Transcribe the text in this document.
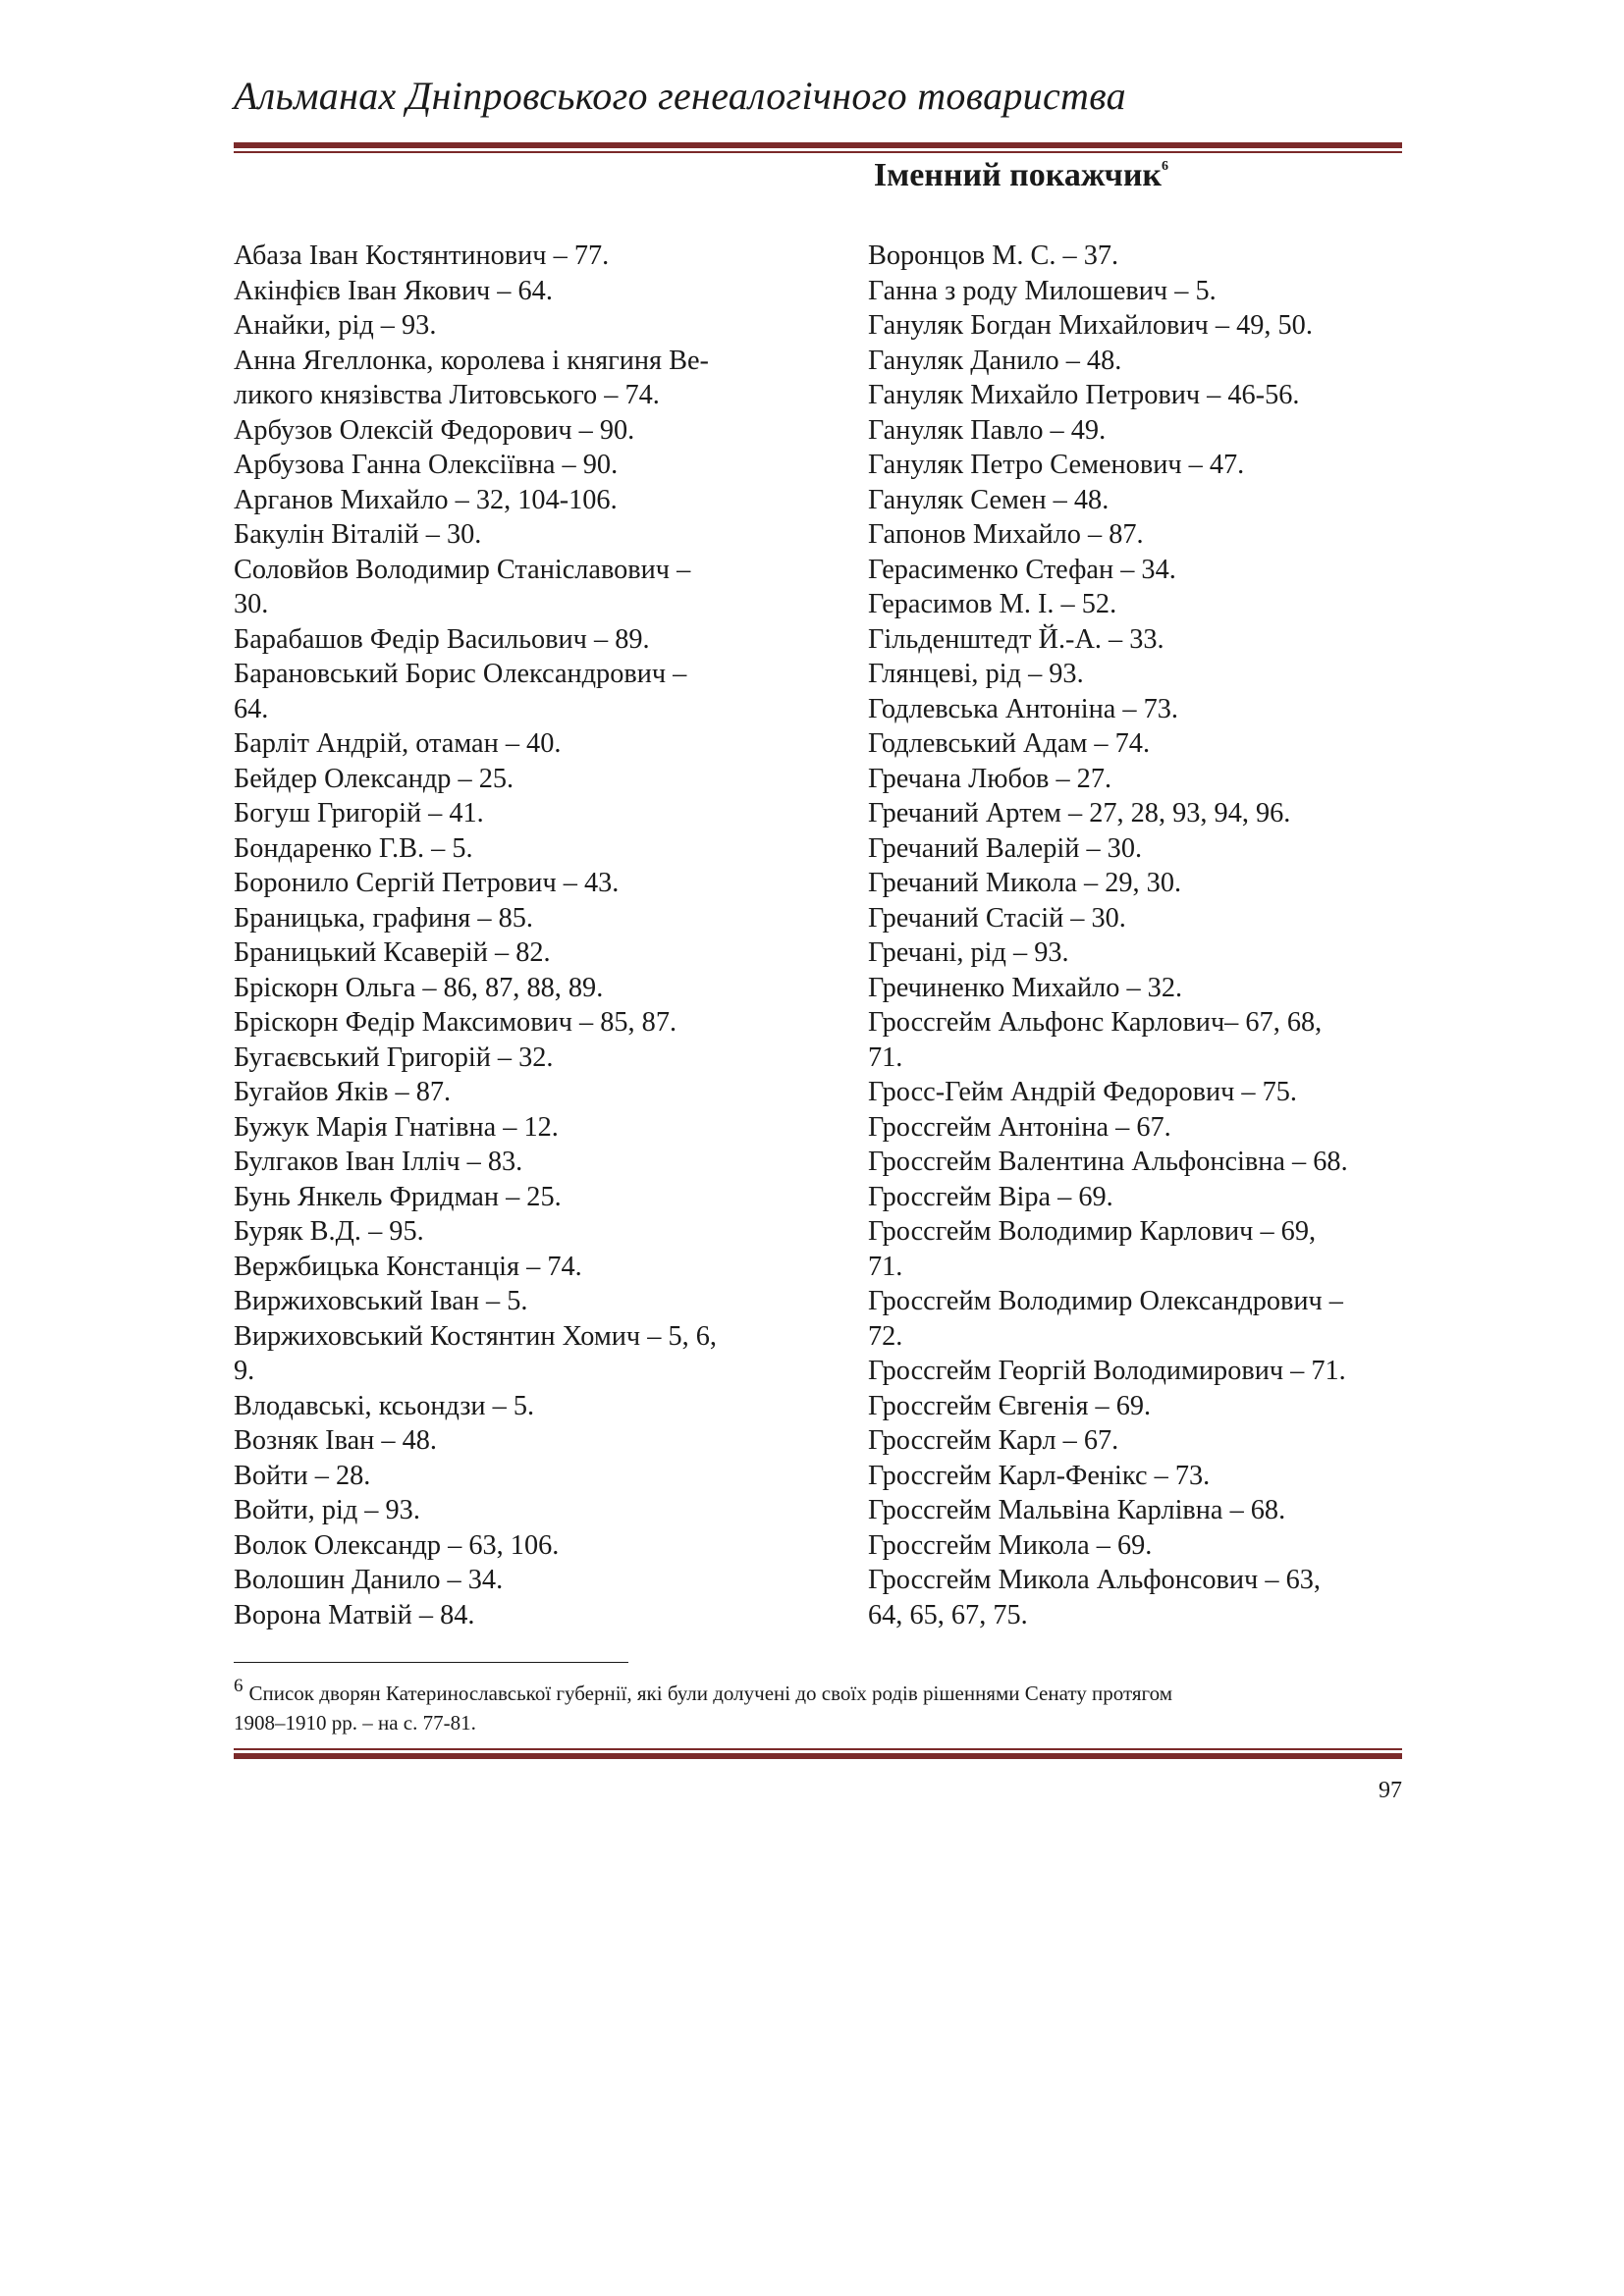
Альманах Дніпровського генеалогічного товариства
Іменний покажчик$^6$
Абаза Іван Костянтинович – 77.
Акінфієв Іван Якович – 64.
Анайки, рід – 93.
Анна Ягеллонка, королева і княгиня Ве-
ликого князівства Литовського – 74.
Арбузов Олексій Федорович – 90.
Арбузова Ганна Олексіївна – 90.
Арганов Михайло – 32, 104-106.
Бакулін Віталій – 30.
Соловйов Володимир Станіславович –
30.
Барабашов Федір Васильович – 89.
Барановський Борис Олександрович –
64.
Барліт Андрій, отаман – 40.
Бейдер Олександр – 25.
Богуш Григорій – 41.
Бондаренко Г.В. – 5.
Боронило Сергій Петрович – 43.
Браницька, графиня – 85.
Браницький Ксаверій – 82.
Бріскорн Ольга – 86, 87, 88, 89.
Бріскорн Федір Максимович – 85, 87.
Бугаєвський Григорій – 32.
Бугайов Яків – 87.
Бужук Марія Гнатівна – 12.
Булгаков Іван Ілліч – 83.
Бунь Янкель Фридман – 25.
Буряк В.Д. – 95.
Вержбицька Констанція – 74.
Виржиховський Іван – 5.
Виржиховський Костянтин Хомич – 5, 6,
9.
Влодавські, ксьондзи – 5.
Возняк Іван – 48.
Войти – 28.
Войти, рід – 93.
Волок Олександр – 63, 106.
Волошин Данило – 34.
Ворона Матвій – 84.
Воронцов М. С. – 37.
Ганна з роду Милошевич – 5.
Гануляк Богдан Михайлович – 49, 50.
Гануляк Данило – 48.
Гануляк Михайло Петрович – 46-56.
Гануляк Павло – 49.
Гануляк Петро Семенович – 47.
Гануляк Семен – 48.
Гапонов Михайло – 87.
Герасименко Стефан – 34.
Герасимов М. І. – 52.
Гільденштедт Й.-А. – 33.
Глянцеві, рід – 93.
Годлевська Антоніна – 73.
Годлевський Адам – 74.
Гречана Любов – 27.
Гречаний Артем – 27, 28, 93, 94, 96.
Гречаний Валерій – 30.
Гречаний Микола – 29, 30.
Гречаний Стасій – 30.
Гречані, рід – 93.
Гречиненко Михайло – 32.
Гроссгейм Альфонс Карлович– 67, 68,
71.
Гросс-Гейм Андрій Федорович – 75.
Гроссгейм Антоніна – 67.
Гроссгейм Валентина Альфонсівна – 68.
Гроссгейм Віра – 69.
Гроссгейм Володимир Карлович – 69,
71.
Гроссгейм Володимир Олександрович –
72.
Гроссгейм Георгій Володимирович – 71.
Гроссгейм Євгенія – 69.
Гроссгейм Карл – 67.
Гроссгейм Карл-Фенікс – 73.
Гроссгейм Мальвіна Карлівна – 68.
Гроссгейм Микола – 69.
Гроссгейм Микола Альфонсович – 63,
64, 65, 67, 75.
6 Список дворян Катеринославської губернії, які були долучені до своїх родів рішеннями Сенату протягом
1908–1910 рр. – на с. 77-81.
97
